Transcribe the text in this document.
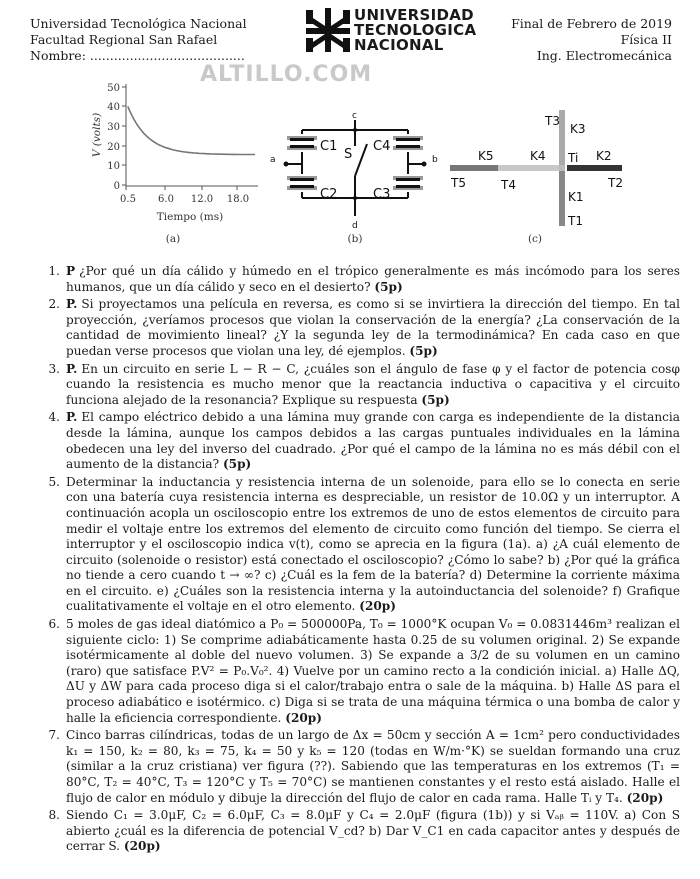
Universidad Tecnológica Nacional
Facultad Regional San Rafael
Nombre: .......................................
UNIVERSIDAD
TECNOLOGICA
NACIONAL
Final de Febrero de 2019
Física II
Ing. Electromecánica
ALTILLO.COM
50
40
30
20
10
0
0.5 6.0 12.0 18.0
V (volts)
Tiempo (ms)
(a)
C1
C2	C3
C4
S
a	b
c
d
(b)
T3
K3
K5	K4 Ti K2
T5	T4
K1
T2
T1
(c)
1. P ¿Por qué un día cálido y húmedo en el trópico generalmente es más incómodo para los seres humanos, que un día cálido y seco en el desierto? (5p)
2. P. Si proyectamos una película en reversa, es como si se invirtiera la dirección del tiempo. En tal proyección, ¿veríamos procesos que violan la conservación de la energía? ¿La conservación de la cantidad de movimiento lineal? ¿Y la segunda ley de la termodinámica? En cada caso en que puedan verse procesos que violan una ley, dé ejemplos. (5p)
3. P. En un circuito en serie L − R − C, ¿cuáles son el ángulo de fase φ y el factor de potencia cosφ cuando la resistencia es mucho menor que la reactancia inductiva o capacitiva y el circuito funciona alejado de la resonancia? Explique su respuesta (5p)
4. P. El campo eléctrico debido a una lámina muy grande con carga es independiente de la distancia desde la lámina, aunque los campos debidos a las cargas puntuales individuales en la lámina obedecen una ley del inverso del cuadrado. ¿Por qué el campo de la lámina no es más débil con el aumento de la distancia? (5p)
5. Determinar la inductancia y resistencia interna de un solenoide, para ello se lo conecta en serie con una batería cuya resistencia interna es despreciable, un resistor de 10.0Ω y un interruptor. A continuación acopla un osciloscopio entre los extremos de uno de estos elementos de circuito para medir el voltaje entre los extremos del elemento de circuito como función del tiempo. Se cierra el interruptor y el osciloscopio indica v(t), como se aprecia en la figura (1a). a) ¿A cuál elemento de circuito (solenoide o resistor) está conectado el osciloscopio? ¿Cómo lo sabe? b) ¿Por qué la gráfica no tiende a cero cuando t → ∞? c) ¿Cuál es la fem de la batería? d) Determine la corriente máxima en el circuito. e) ¿Cuáles son la resistencia interna y la autoinductancia del solenoide? f) Grafique cualitativamente el voltaje en el otro elemento. (20p)
6. 5 moles de gas ideal diatómico a P₀ = 500000Pa, T₀ = 1000°K ocupan V₀ = 0.0831446m³ realizan el siguiente ciclo: 1) Se comprime adiabáticamente hasta 0.25 de su volumen original. 2) Se expande isotérmicamente al doble del nuevo volumen. 3) Se expande a 3/2 de su volumen en un camino (raro) que satisface P.V² = P₀.V₀². 4) Vuelve por un camino recto a la condición inicial. a) Halle ΔQ, ΔU y ΔW para cada proceso diga si el calor/trabajo entra o sale de la máquina. b) Halle ΔS para el proceso adiabático e isotérmico. c) Diga si se trata de una máquina térmica o una bomba de calor y halle la eficiencia correspondiente. (20p)
7. Cinco barras cilíndricas, todas de un largo de Δx = 50cm y sección A = 1cm² pero conductividades k₁ = 150, k₂ = 80, k₃ = 75, k₄ = 50 y k₅ = 120 (todas en W/m·°K) se sueldan formando una cruz (similar a la cruz cristiana) ver figura (??). Sabiendo que las temperaturas en los extremos (T₁ = 80°C, T₂ = 40°C, T₃ = 120°C y T₅ = 70°C) se mantienen constantes y el resto está aislado. Halle el flujo de calor en módulo y dibuje la dirección del flujo de calor en cada rama. Halle Tᵢ y T₄. (20p)
8. Siendo C₁ = 3.0μF, C₂ = 6.0μF, C₃ = 8.0μF y C₄ = 2.0μF (figura (1b)) y si Vₐᵦ = 110V. a) Con S abierto ¿cuál es la diferencia de potencial V_cd? b) Dar V_C1 en cada capacitor antes y después de cerrar S. (20p)
